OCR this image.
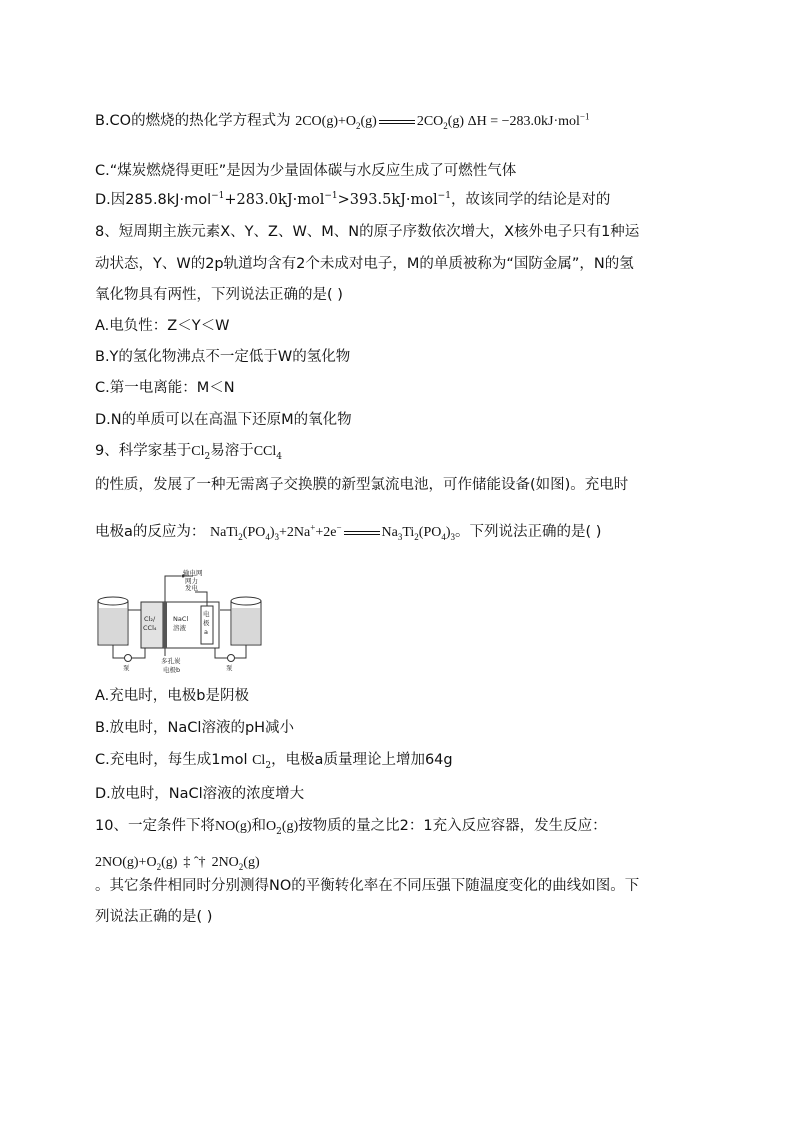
B.CO的燃烧的热化学方程式为 $2CO(g)+O_2(g)$	$2CO_2(g) \Delta H = -283.0kJ\cdot mol^{-1}$
C.“煤炭燃烧得更旺”是因为少量固体碳与水反应生成了可燃性气体
D.因285.8kJ·mol$^{-1}$+283.0kJ·mol$^{-1}$>393.5kJ·mol$^{-1}$，故该同学的结论是对的
8、短周期主族元素X、Y、Z、W、M、N的原子序数依次增大，X核外电子只有1种运
动状态，Y、W的2p轨道均含有2个未成对电子，M的单质被称为“国防金属”，N的氢
氧化物具有两性，下列说法正确的是( )
A.电负性：Z＜Y＜W
B.Y的氢化物沸点不一定低于W的氢化物
C.第一电离能：M＜N
D.N的单质可以在高温下还原M的氧化物
9、科学家基于$Cl_2$易溶于CCl$_4$
的性质，发展了一种无需离子交换膜的新型氯流电池，可作储能设备(如图)。充电时
电极a的反应为： $NaTi_2(PO_4)_3+2Na^++2e^-$	$Na_3Ti_2(PO_4)_3$。下列说法正确的是( )
输电网
网力
发电
Cl₂/
CCl₄
NaCl
溶液
电
极
a
泵	泵
多孔炭
电极b
A.充电时，电极b是阴极
B.放电时，NaCl溶液的pH减小
C.充电时，每生成1mol $Cl_2$，电极a质量理论上增加64g
D.放电时，NaCl溶液的浓度增大
10、一定条件下将NO(g)和$O_2(g)$按物质的量之比2：1充入反应容器，发生反应：
$2NO(g)+O_2(g)$ ‡ ˆ† $2NO_2(g)$
。其它条件相同时分别测得NO的平衡转化率在不同压强下随温度变化的曲线如图。下
列说法正确的是( )
